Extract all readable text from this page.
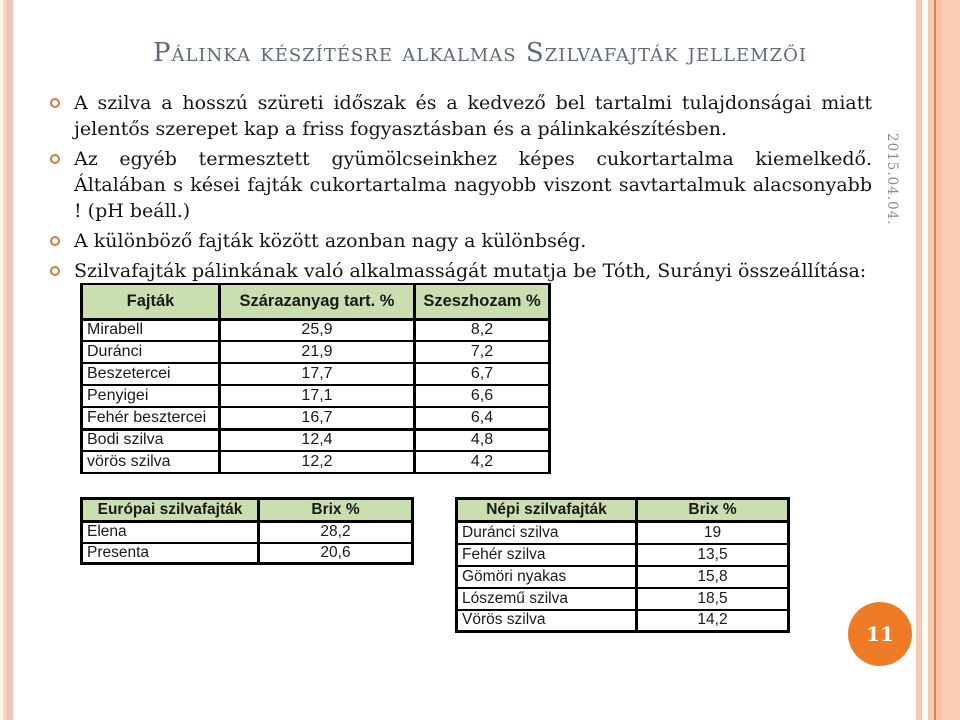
Pálinka készítésre alkalmas Szilvafajták jellemzői
A szilva a hosszú szüreti időszak és a kedvező bel tartalmi tulajdonságai miatt jelentős szerepet kap a friss fogyasztásban és a pálinkakészítésben.
Az egyéb termesztett gyümölcseinkhez képes cukortartalma kiemelkedő. Általában s kései fajták cukortartalma nagyobb viszont savtartalmuk alacsonyabb ! (pH beáll.)
A különböző fajták között azonban nagy a különbség.
Szilvafajták pálinkának való alkalmasságát mutatja be Tóth, Surányi összeállítása:
Fajták	Szárazanyag tart. %	Szeszhozam %
Mirabell	25,9	8,2
Duránci	21,9	7,2
Beszetercei	17,7	6,7
Penyigei	17,1	6,6
Fehér besztercei	16,7	6,4
Bodi szilva	12,4	4,8
vörös szilva	12,2	4,2
Európai szilvafajták	Brix %
Elena	28,2
Presenta	20,6
Népi szilvafajták	Brix %
Duránci szilva	19
Fehér szilva	13,5
Gömöri nyakas	15,8
Lószemű szilva	18,5
Vörös szilva	14,2
2015.04.04.
11
